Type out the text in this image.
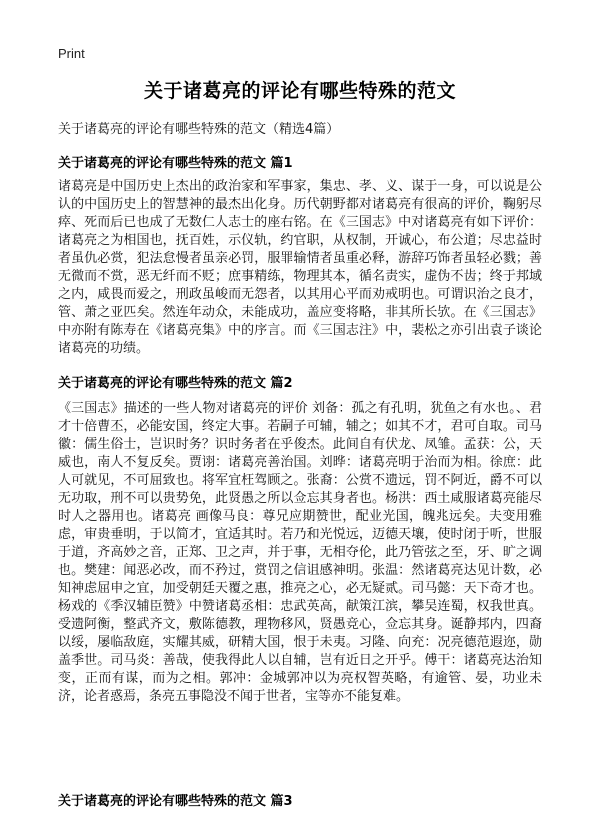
Print
关于诸葛亮的评论有哪些特殊的范文
关于诸葛亮的评论有哪些特殊的范文（精选4篇）
关于诸葛亮的评论有哪些特殊的范文 篇1

诸葛亮是中国历史上杰出的政治家和军事家，集忠、孝、义、谋于一身，可以说是公认的中国历史上的智慧神的最杰出化身。历代朝野都对诸葛亮有很高的评价，鞠躬尽瘁、死而后已也成了无数仁人志士的座右铭。在《三国志》中对诸葛亮有如下评价：诸葛亮之为相国也，抚百姓，示仪轨，约官职，从权制，开诚心，布公道；尽忠益时者虽仇必赏，犯法怠慢者虽亲必罚，服罪输情者虽重必释，游辞巧饰者虽轻必戮；善无微而不赏，恶无纤而不贬；庶事精练，物理其本，循名责实，虚伪不齿；终于邦域之内，咸畏而爱之，刑政虽峻而无怨者，以其用心平而劝戒明也。可谓识治之良才，管、萧之亚匹矣。然连年动众，未能成功，盖应变将略，非其所长欤。在《三国志》中亦附有陈寿在《诸葛亮集》中的序言。而《三国志注》中，裴松之亦引出袁子谈论诸葛亮的功绩。

关于诸葛亮的评论有哪些特殊的范文 篇2

《三国志》描述的一些人物对诸葛亮的评价 刘备：孤之有孔明，犹鱼之有水也。、君才十倍曹丕，必能安国，终定大事。若嗣子可辅，辅之；如其不才，君可自取。司马徽：儒生俗士，岂识时务？识时务者在乎俊杰。此间自有伏龙、凤雏。孟获：公，天威也，南人不复反矣。贾诩：诸葛亮善治国。刘晔：诸葛亮明于治而为相。徐庶：此人可就见，不可屈致也。将军宜枉驾顾之。张裔：公赏不遗远，罚不阿近，爵不可以无功取，刑不可以贵势免，此贤愚之所以佥忘其身者也。杨洪：西土咸服诸葛亮能尽时人之器用也。诸葛亮 画像马良：尊兄应期赞世，配业光国，魄兆远矣。夫变用雅虑，审贵垂明，于以简才，宜适其时。若乃和光悦远，迈德天壤，使时闭于听，世服于道，齐高妙之音，正郑、卫之声，并于事，无相夺伦，此乃管弦之至，牙、旷之调也。樊建：闻恶必改，而不矜过，赏罚之信诅感神明。张温：然诸葛亮达见计数，必知神虑屈申之宜，加受朝廷天覆之惠，推亮之心，必无疑贰。司马懿：天下奇才也。杨戏的《季汉辅臣赞》中赞诸葛丞相：忠武英高，献策江滨，攀吴连蜀，权我世真。受遗阿衡，整武齐文，敷陈德教，理物移风，贤愚竞心，佥忘其身。诞静邦内，四裔以绥，屡临敌庭，实耀其威，研精大国，恨于未夷。习隆、向充：况亮德范遐迩，勋盖季世。司马炎：善哉，使我得此人以自辅，岂有近日之开乎。傅干：诸葛亮达治知变，正而有谋，而为之相。郭冲：金城郭冲以为亮权智英略，有逾管、晏，功业未济，论者惑焉，条亮五事隐没不闻于世者，宝等亦不能复难。

关于诸葛亮的评论有哪些特殊的范文 篇3
